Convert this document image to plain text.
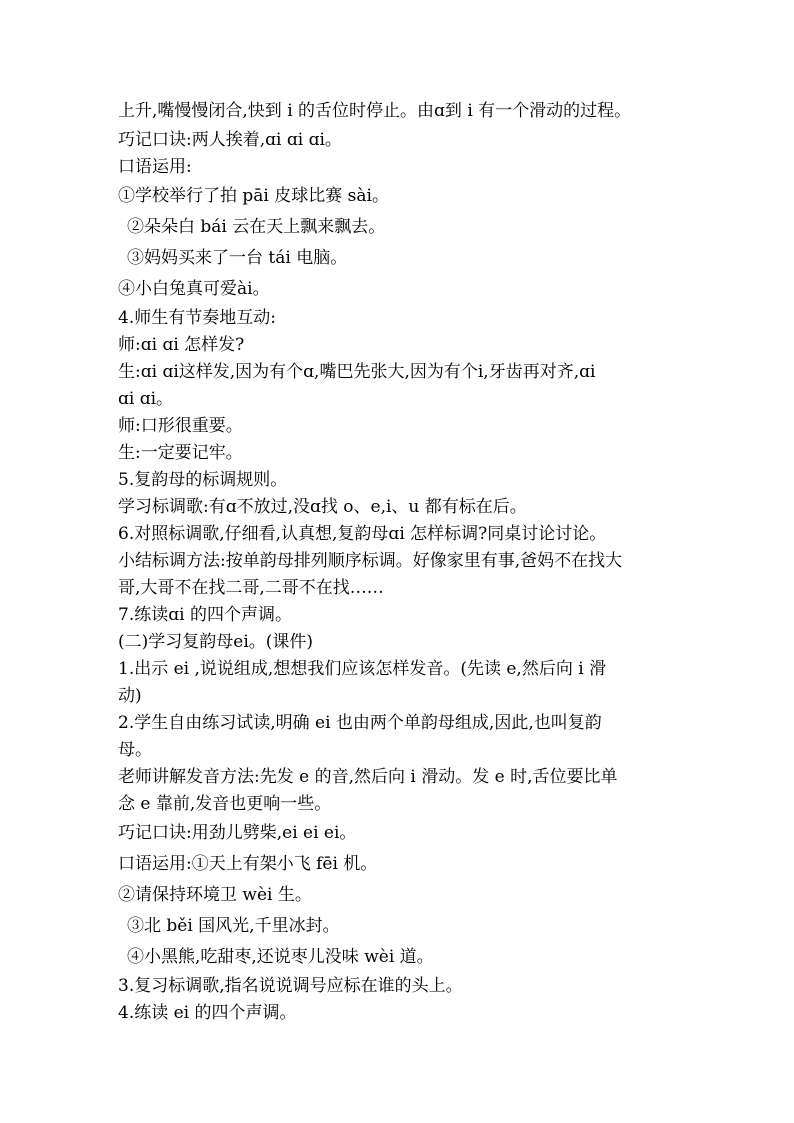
上升,嘴慢慢闭合,快到 i 的舌位时停止。由ɑ到 i 有一个滑动的过程。
巧记口诀:两人挨着,ɑi ɑi ɑi。
口语运用:
①学校举行了拍 pāi 皮球比赛 sài。
②朵朵白 bái 云在天上飘来飘去。
③妈妈买来了一台 tái 电脑。
④小白兔真可爱ài。
4.师生有节奏地互动:
师:ɑi ɑi 怎样发?
生:ɑi ɑi这样发,因为有个ɑ,嘴巴先张大,因为有个i,牙齿再对齐,ɑi
ɑi ɑi。
师:口形很重要。
生:一定要记牢。
5.复韵母的标调规则。
学习标调歌:有ɑ不放过,没ɑ找 o、e,i、u 都有标在后。
6.对照标调歌,仔细看,认真想,复韵母ɑi 怎样标调?同桌讨论讨论。
小结标调方法:按单韵母排列顺序标调。好像家里有事,爸妈不在找大
哥,大哥不在找二哥,二哥不在找……
7.练读ɑi 的四个声调。
(二)学习复韵母ei。(课件)
1.出示 ei ,说说组成,想想我们应该怎样发音。(先读 e,然后向 i 滑
动)
2.学生自由练习试读,明确 ei 也由两个单韵母组成,因此,也叫复韵
母。
老师讲解发音方法:先发 e 的音,然后向 i 滑动。发 e 时,舌位要比单
念 e 靠前,发音也更响一些。
巧记口诀:用劲儿劈柴,ei ei ei。
口语运用:①天上有架小飞 fēi 机。
②请保持环境卫 wèi 生。
③北 běi 国风光,千里冰封。
④小黑熊,吃甜枣,还说枣儿没味 wèi 道。
3.复习标调歌,指名说说调号应标在谁的头上。
4.练读 ei 的四个声调。
